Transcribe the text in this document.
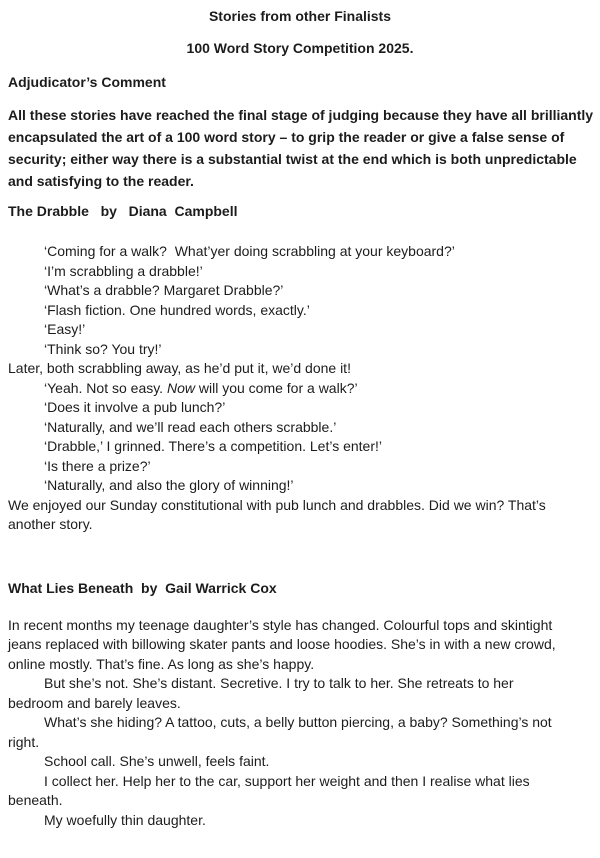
Stories from other Finalists
100 Word Story Competition 2025.
Adjudicator’s Comment
All these stories have reached the final stage of judging because they have all brilliantly
encapsulated the art of a 100 word story – to grip the reader or give a false sense of
security; either way there is a substantial twist at the end which is both unpredictable
and satisfying to the reader.
The Drabble   by   Diana  Campbell
‘Coming for a walk?  What’yer doing scrabbling at your keyboard?’
‘I’m scrabbling a drabble!’
‘What’s a drabble? Margaret Drabble?’
‘Flash fiction. One hundred words, exactly.’
‘Easy!’
‘Think so? You try!’
Later, both scrabbling away, as he’d put it, we’d done it!
‘Yeah. Not so easy. Now will you come for a walk?’
‘Does it involve a pub lunch?’
‘Naturally, and we’ll read each others scrabble.’
‘Drabble,’ I grinned. There’s a competition. Let’s enter!’
‘Is there a prize?’
‘Naturally, and also the glory of winning!’
We enjoyed our Sunday constitutional with pub lunch and drabbles. Did we win? That’s
another story.
What Lies Beneath  by  Gail Warrick Cox
In recent months my teenage daughter’s style has changed. Colourful tops and skintight
jeans replaced with billowing skater pants and loose hoodies. She’s in with a new crowd,
online mostly. That’s fine. As long as she’s happy.
But she’s not. She’s distant. Secretive. I try to talk to her. She retreats to her
bedroom and barely leaves.
What’s she hiding? A tattoo, cuts, a belly button piercing, a baby? Something’s not
right.
School call. She’s unwell, feels faint.
I collect her. Help her to the car, support her weight and then I realise what lies
beneath.
My woefully thin daughter.
